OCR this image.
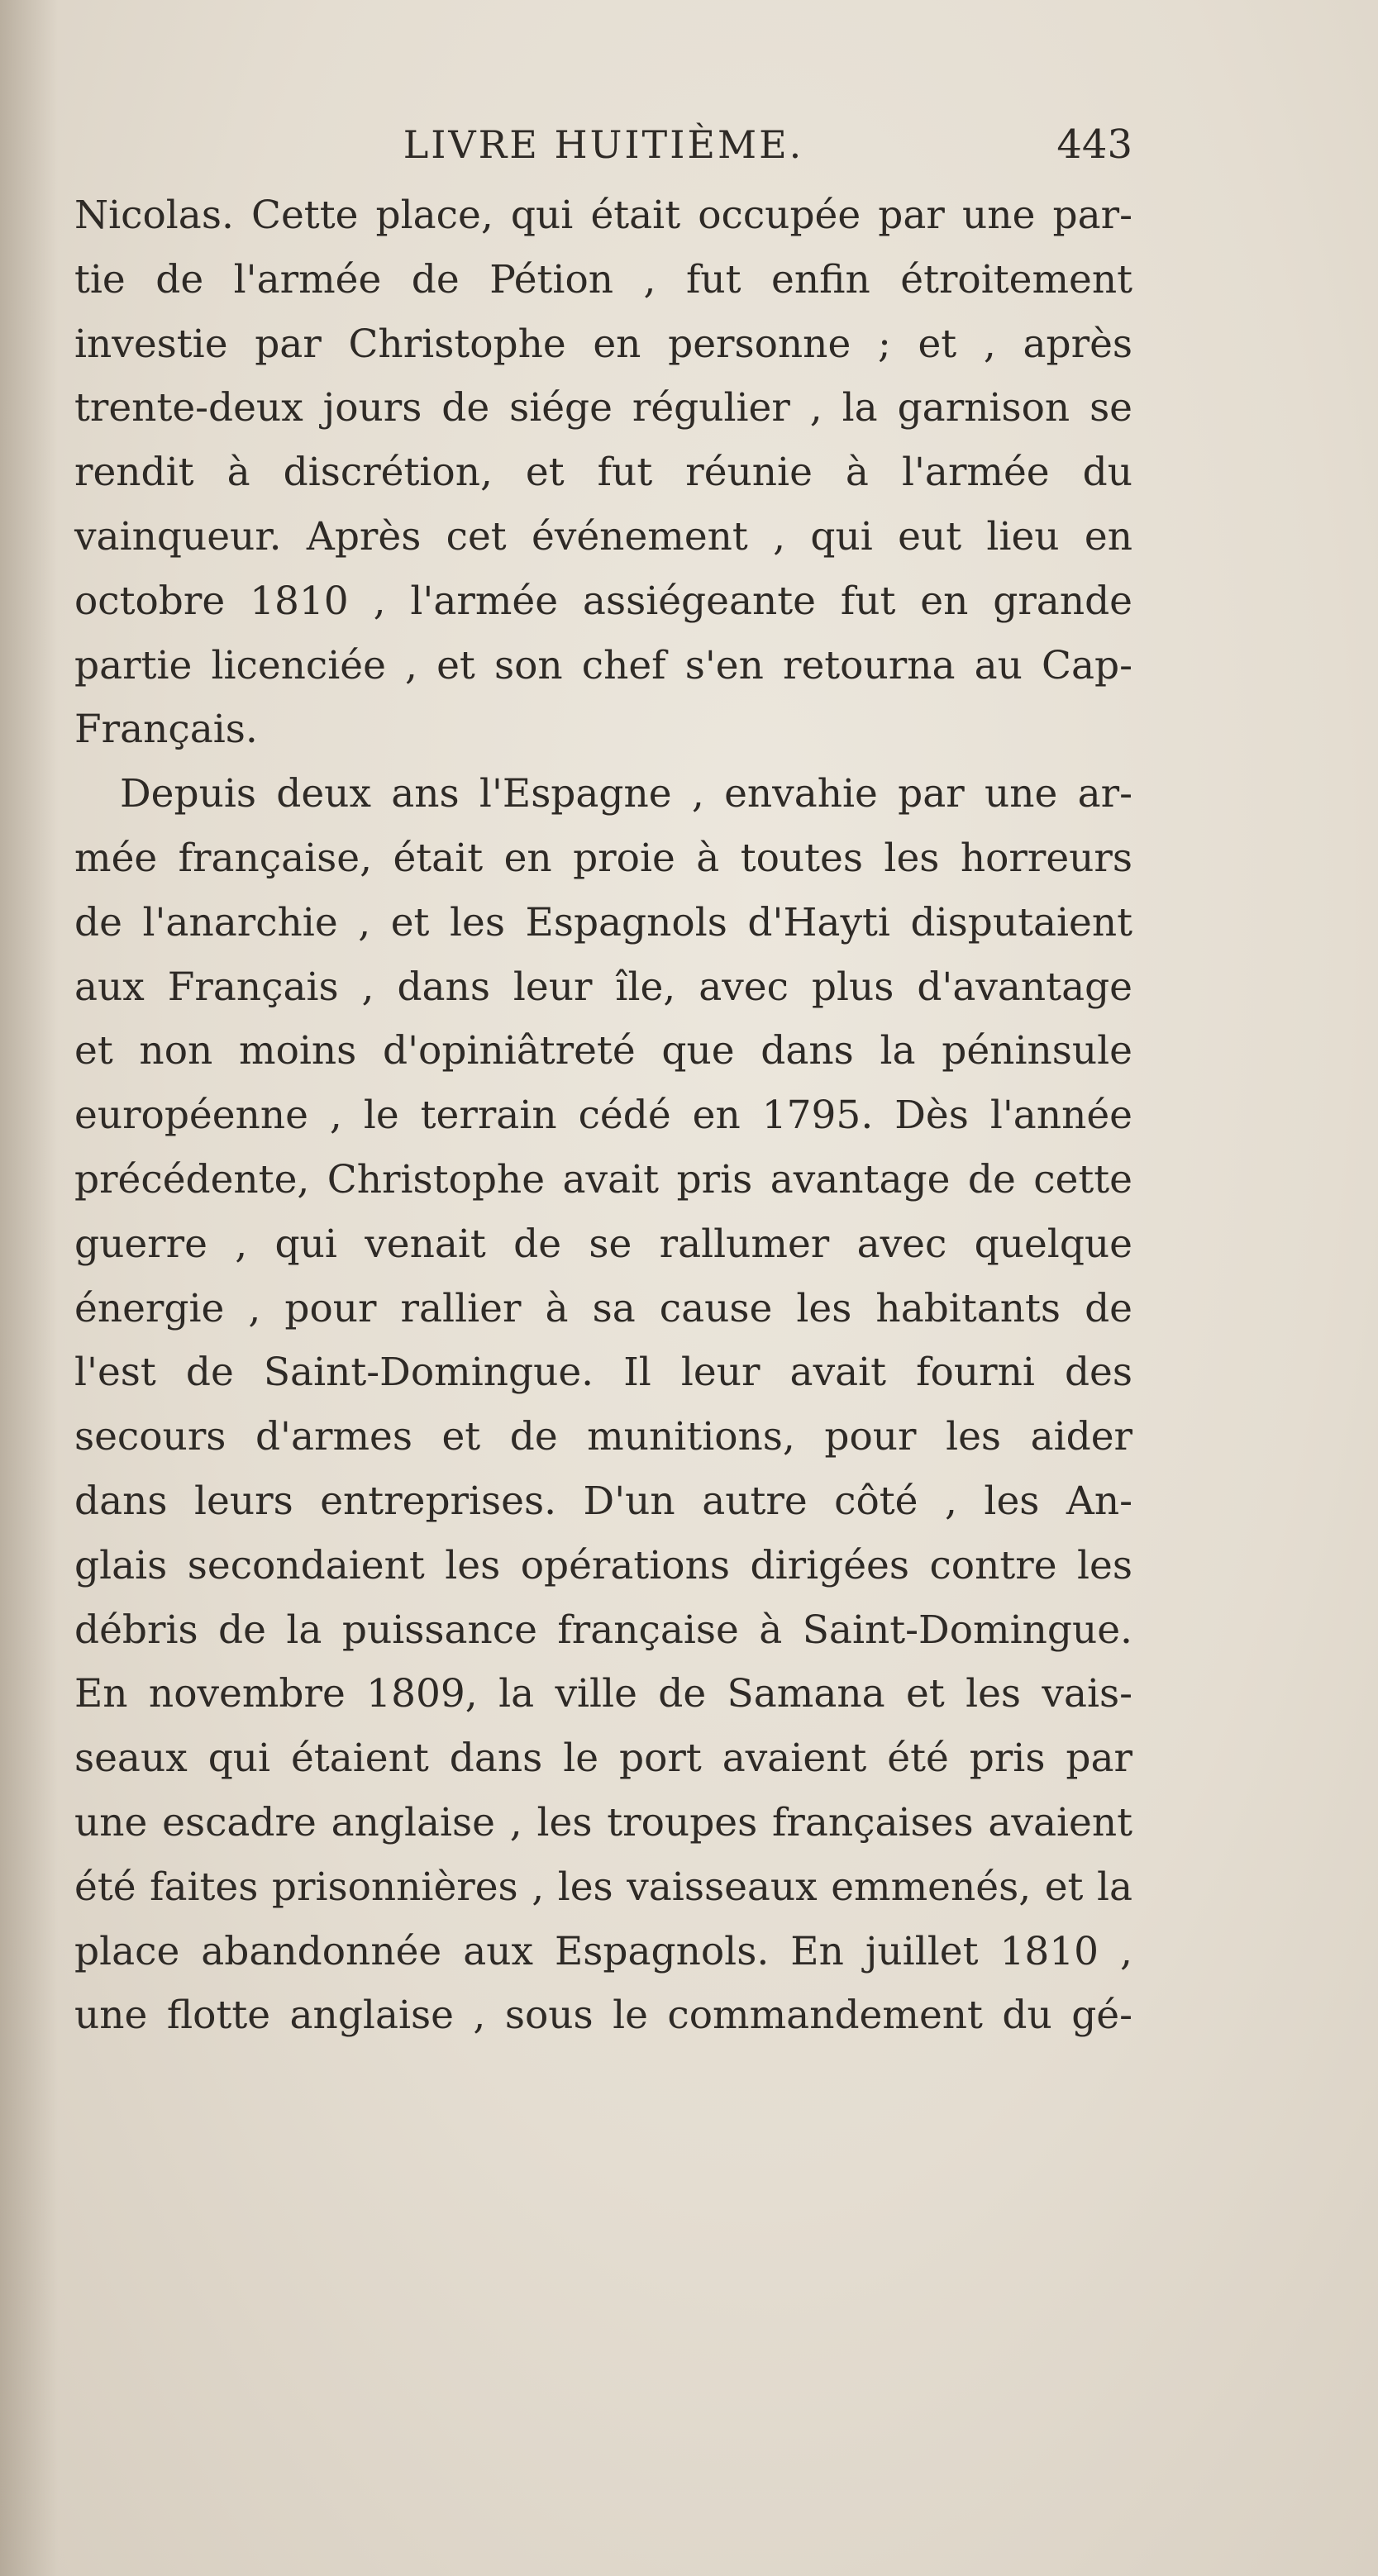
LIVRE HUITIÈME.	443
Nicolas. Cette place, qui était occupée par une par-
tie de l'armée de Pétion , fut enfin étroitement
investie par Christophe en personne ; et , après
trente-deux jours de siége régulier , la garnison se
rendit à discrétion, et fut réunie à l'armée du
vainqueur. Après cet événement , qui eut lieu en
octobre 1810 , l'armée assiégeante fut en grande
partie licenciée , et son chef s'en retourna au Cap-
Français.
Depuis deux ans l'Espagne , envahie par une ar-
mée française, était en proie à toutes les horreurs
de l'anarchie , et les Espagnols d'Hayti disputaient
aux Français , dans leur île, avec plus d'avantage
et non moins d'opiniâtreté que dans la péninsule
européenne , le terrain cédé en 1795. Dès l'année
précédente, Christophe avait pris avantage de cette
guerre , qui venait de se rallumer avec quelque
énergie , pour rallier à sa cause les habitants de
l'est de Saint-Domingue. Il leur avait fourni des
secours d'armes et de munitions, pour les aider
dans leurs entreprises. D'un autre côté , les An-
glais secondaient les opérations dirigées contre les
débris de la puissance française à Saint-Domingue.
En novembre 1809, la ville de Samana et les vais-
seaux qui étaient dans le port avaient été pris par
une escadre anglaise , les troupes françaises avaient
été faites prisonnières , les vaisseaux emmenés, et la
place abandonnée aux Espagnols. En juillet 1810 ,
une flotte anglaise , sous le commandement du gé-
